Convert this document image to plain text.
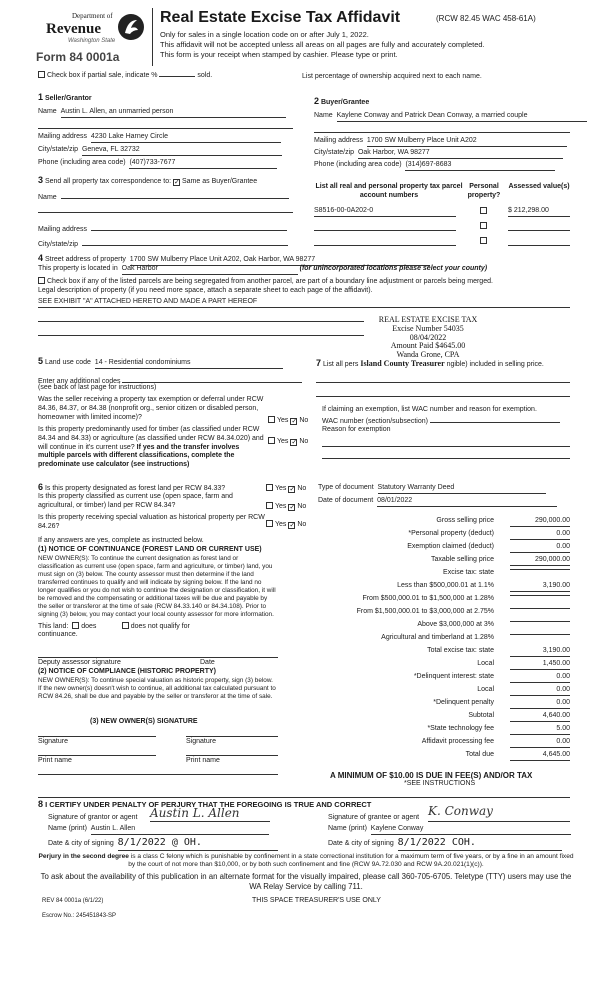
Department of
Revenue
Washington State
Form 84 0001a
Real Estate Excise Tax Affidavit	(RCW 82.45 WAC 458-61A)
Only for sales in a single location code on or after July 1, 2022.
This affidavit will not be accepted unless all areas on all pages are fully and accurately completed.
This form is your receipt when stamped by cashier. Please type or print.
Check box if partial sale, indicate %	sold.	List percentage of ownership acquired next to each name.
1 Seller/Grantor
Name Austin L. Allen, an unmarried person
Mailing address 4230 Lake Harney Circle
City/state/zip Geneva, FL 32732
Phone (including area code) (407)733-7677
2 Buyer/Grantee
Name Kaylene Conway and Patrick Dean Conway, a married couple
Mailing address 1700 SW Mulberry Place Unit A202
City/state/zip Oak Harbor, WA 98277
Phone (including area code) (314)697-8683
3 Send all property tax correspondence to: ✓ Same as Buyer/Grantee
Name
Mailing address
City/state/zip
List all real and personal property tax parcel account numbers
Personal property?
Assessed value(s)
S8516-00-0A202-0	$ 212,298.00
4 Street address of property 1700 SW Mulberry Place Unit A202, Oak Harbor, WA 98277
This property is located in Oak Harbor	(for unincorporated locations please select your county)
Check box if any of the listed parcels are being segregated from another parcel, are part of a boundary line adjustment or parcels being merged.
Legal description of property (if you need more space, attach a separate sheet to each page of the affidavit).
SEE EXHIBIT "A" ATTACHED HERETO AND MADE A PART HEREOF
REAL ESTATE EXCISE TAX
Excise Number 54035
08/04/2022
Amount Paid $4645.00
Wanda Grone, CPA
5 Land use code 14 - Residential condominiums
Enter any additional codes
(see back of last page for instructions)
Was the seller receiving a property tax exemption or deferral under RCW 84.36, 84.37, or 84.38 (nonprofit org., senior citizen or disabled person, homeowner with limited income)?	Yes ✓ No
Is this property predominantly used for timber (as classified under RCW 84.34 and 84.33) or agriculture (as classified under RCW 84.34.020) and will continue in it's current use? If yes and the transfer involves multiple parcels with different classifications, complete the predominate use calculator (see instructions)
Yes ✓ No
7 List all pers Island County Treasurer ngible) included in selling price.
If claiming an exemption, list WAC number and reason for exemption.
WAC number (section/subsection)
Reason for exemption
6 Is this property designated as forest land per RCW 84.33?	Yes ✓ No
Is this property classified as current use (open space, farm and agricultural, or timber) land per RCW 84.34?	Yes ✓ No
Is this property receiving special valuation as historical property per RCW 84.26?	Yes ✓ No
If any answers are yes, complete as instructed below.
(1) NOTICE OF CONTINUANCE (FOREST LAND OR CURRENT USE)
NEW OWNER(S): To continue the current designation as forest land or classification as current use (open space, farm and agriculture, or timber) land, you must sign on (3) below. The county assessor must then determine if the land transferred continues to qualify and will indicate by signing below. If the land no longer qualifies or you do not wish to continue the designation or classification, it will be removed and the compensating or additional taxes will be due and payable by the seller or transferor at the time of sale (RCW 84.33.140 or 84.34.108). Prior to signing (3) below, you may contact your local county assessor for more information.
This land: does	does not qualify for
continuance.
Deputy assessor signature	Date
(2) NOTICE OF COMPLIANCE (HISTORIC PROPERTY)
NEW OWNER(S): To continue special valuation as historic property, sign (3) below. If the new owner(s) doesn't wish to continue, all additional tax calculated pursuant to RCW 84.26, shall be due and payable by the seller or transferor at the time of sale.
(3) NEW OWNER(S) SIGNATURE
Signature	Signature
Print name	Print name
Type of document Statutory Warranty Deed
Date of document 08/01/2022
Gross selling price	290,000.00
*Personal property (deduct)	0.00
Exemption claimed (deduct)	0.00
Taxable selling price	290,000.00
Excise tax: state
Less than $500,000.01 at 1.1%	3,190.00
From $500,000.01 to $1,500,000 at 1.28%
From $1,500,000.01 to $3,000,000 at 2.75%
Above $3,000,000 at 3%
Agricultural and timberland at 1.28%
Total excise tax: state	3,190.00
Local	1,450.00
*Delinquent interest: state	0.00
Local	0.00
*Delinquent penalty	0.00
Subtotal	4,640.00
*State technology fee	5.00
Affidavit processing fee	0.00
Total due	4,645.00
A MINIMUM OF $10.00 IS DUE IN FEE(S) AND/OR TAX
*SEE INSTRUCTIONS
8 I CERTIFY UNDER PENALTY OF PERJURY THAT THE FOREGOING IS TRUE AND CORRECT
Signature of grantor or agent Austin L. Allen
Name (print) Austin L. Allen
Date & city of signing 8/1/2022 @ OH.
Signature of grantee or agent K. Conway
Name (print) Kaylene Conway
Date & city of signing 8/1/2022 COH.
Perjury in the second degree is a class C felony which is punishable by confinement in a state correctional institution for a maximum term of five years, or by a fine in an amount fixed by the court of not more than $10,000, or by both such confinement and fine (RCW 9A.72.030 and RCW 9A.20.021(1)(c)).
To ask about the availability of this publication in an alternate format for the visually impaired, please call 360-705-6705. Teletype (TTY) users may use the WA Relay Service by calling 711.
REV 84 0001a (6/1/22)	THIS SPACE TREASURER'S USE ONLY
Escrow No.: 245451843-SP
